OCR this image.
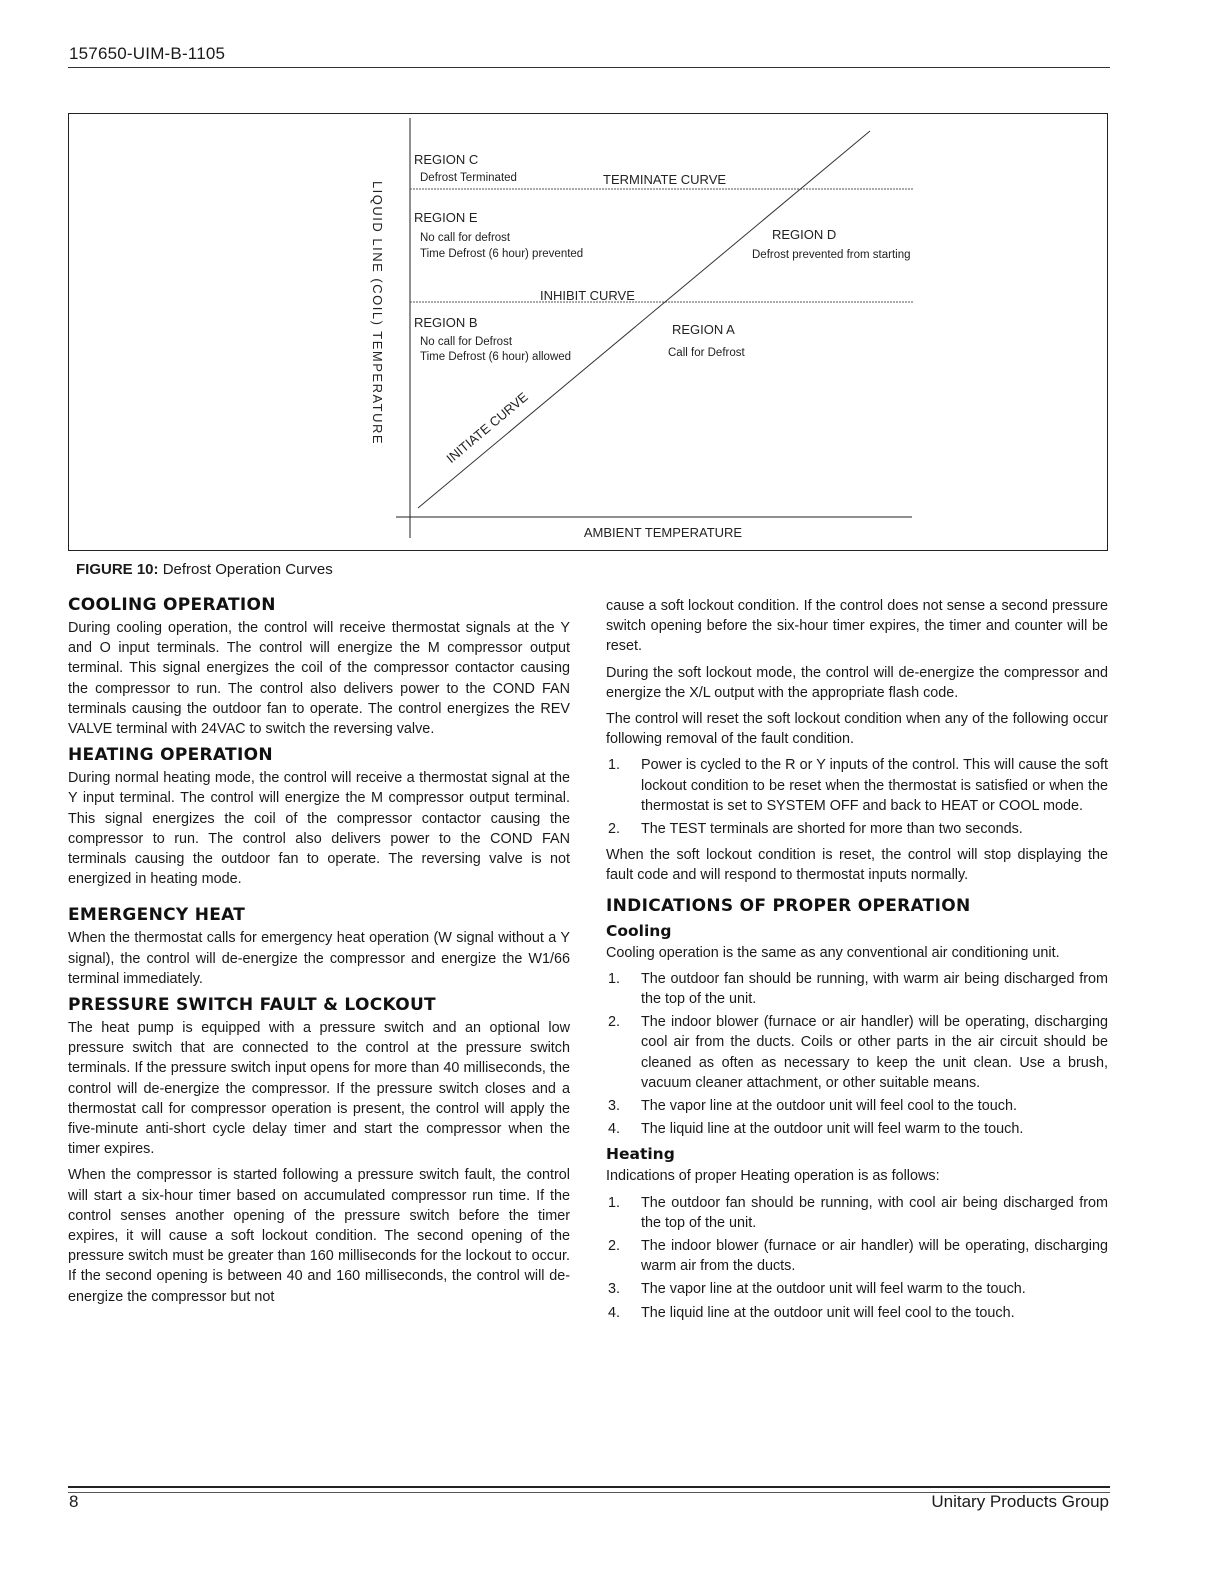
157650-UIM-B-1105
LIQUID LINE (COIL) TEMPERATURE
REGION C
Defrost Terminated	TERMINATE CURVE
REGION E
No call for defrost
Time Defrost (6 hour) prevented
REGION D
Defrost prevented from starting
INHIBIT CURVE
REGION B
No call for Defrost
Time Defrost (6 hour) allowed
REGION A
Call for Defrost
INITIATE CURVE
AMBIENT TEMPERATURE
FIGURE 10: Defrost Operation Curves
COOLING OPERATION

During cooling operation, the control will receive thermostat signals at the Y and O input terminals. The control will energize the M compressor output terminal. This signal energizes the coil of the compressor contactor causing the compressor to run. The control also delivers power to the COND FAN terminals causing the outdoor fan to operate. The control energizes the REV VALVE terminal with 24VAC to switch the reversing valve.

HEATING OPERATION

During normal heating mode, the control will receive a thermostat signal at the Y input terminal. The control will energize the M compressor output terminal. This signal energizes the coil of the compressor contactor causing the compressor to run. The control also delivers power to the COND FAN terminals causing the outdoor fan to operate. The reversing valve is not energized in heating mode.

EMERGENCY HEAT

When the thermostat calls for emergency heat operation (W signal without a Y signal), the control will de-energize the compressor and energize the W1/66 terminal immediately.

PRESSURE SWITCH FAULT & LOCKOUT

The heat pump is equipped with a pressure switch and an optional low pressure switch that are connected to the control at the pressure switch terminals. If the pressure switch input opens for more than 40 milliseconds, the control will de-energize the compressor. If the pressure switch closes and a thermostat call for compressor operation is present, the control will apply the five-minute anti-short cycle delay timer and start the compressor when the timer expires.

When the compressor is started following a pressure switch fault, the control will start a six-hour timer based on accumulated compressor run time. If the control senses another opening of the pressure switch before the timer expires, it will cause a soft lockout condition. The second opening of the pressure switch must be greater than 160 milliseconds for the lockout to occur. If the second opening is between 40 and 160 milliseconds, the control will de-energize the compressor but not

cause a soft lockout condition. If the control does not sense a second pressure switch opening before the six-hour timer expires, the timer and counter will be reset.

During the soft lockout mode, the control will de-energize the compressor and energize the X/L output with the appropriate flash code.

The control will reset the soft lockout condition when any of the following occur following removal of the fault condition.

1. Power is cycled to the R or Y inputs of the control. This will cause the soft lockout condition to be reset when the thermostat is satisfied or when the thermostat is set to SYSTEM OFF and back to HEAT or COOL mode.
2. The TEST terminals are shorted for more than two seconds.

When the soft lockout condition is reset, the control will stop displaying the fault code and will respond to thermostat inputs normally.

INDICATIONS OF PROPER OPERATION
Cooling

Cooling operation is the same as any conventional air conditioning unit.

1. The outdoor fan should be running, with warm air being discharged from the top of the unit.
2. The indoor blower (furnace or air handler) will be operating, discharging cool air from the ducts. Coils or other parts in the air circuit should be cleaned as often as necessary to keep the unit clean. Use a brush, vacuum cleaner attachment, or other suitable means.
3. The vapor line at the outdoor unit will feel cool to the touch.
4. The liquid line at the outdoor unit will feel warm to the touch.
Heating

Indications of proper Heating operation is as follows:

1. The outdoor fan should be running, with cool air being discharged from the top of the unit.
2. The indoor blower (furnace or air handler) will be operating, discharging warm air from the ducts.
3. The vapor line at the outdoor unit will feel warm to the touch.
4. The liquid line at the outdoor unit will feel cool to the touch.
8	Unitary Products Group
